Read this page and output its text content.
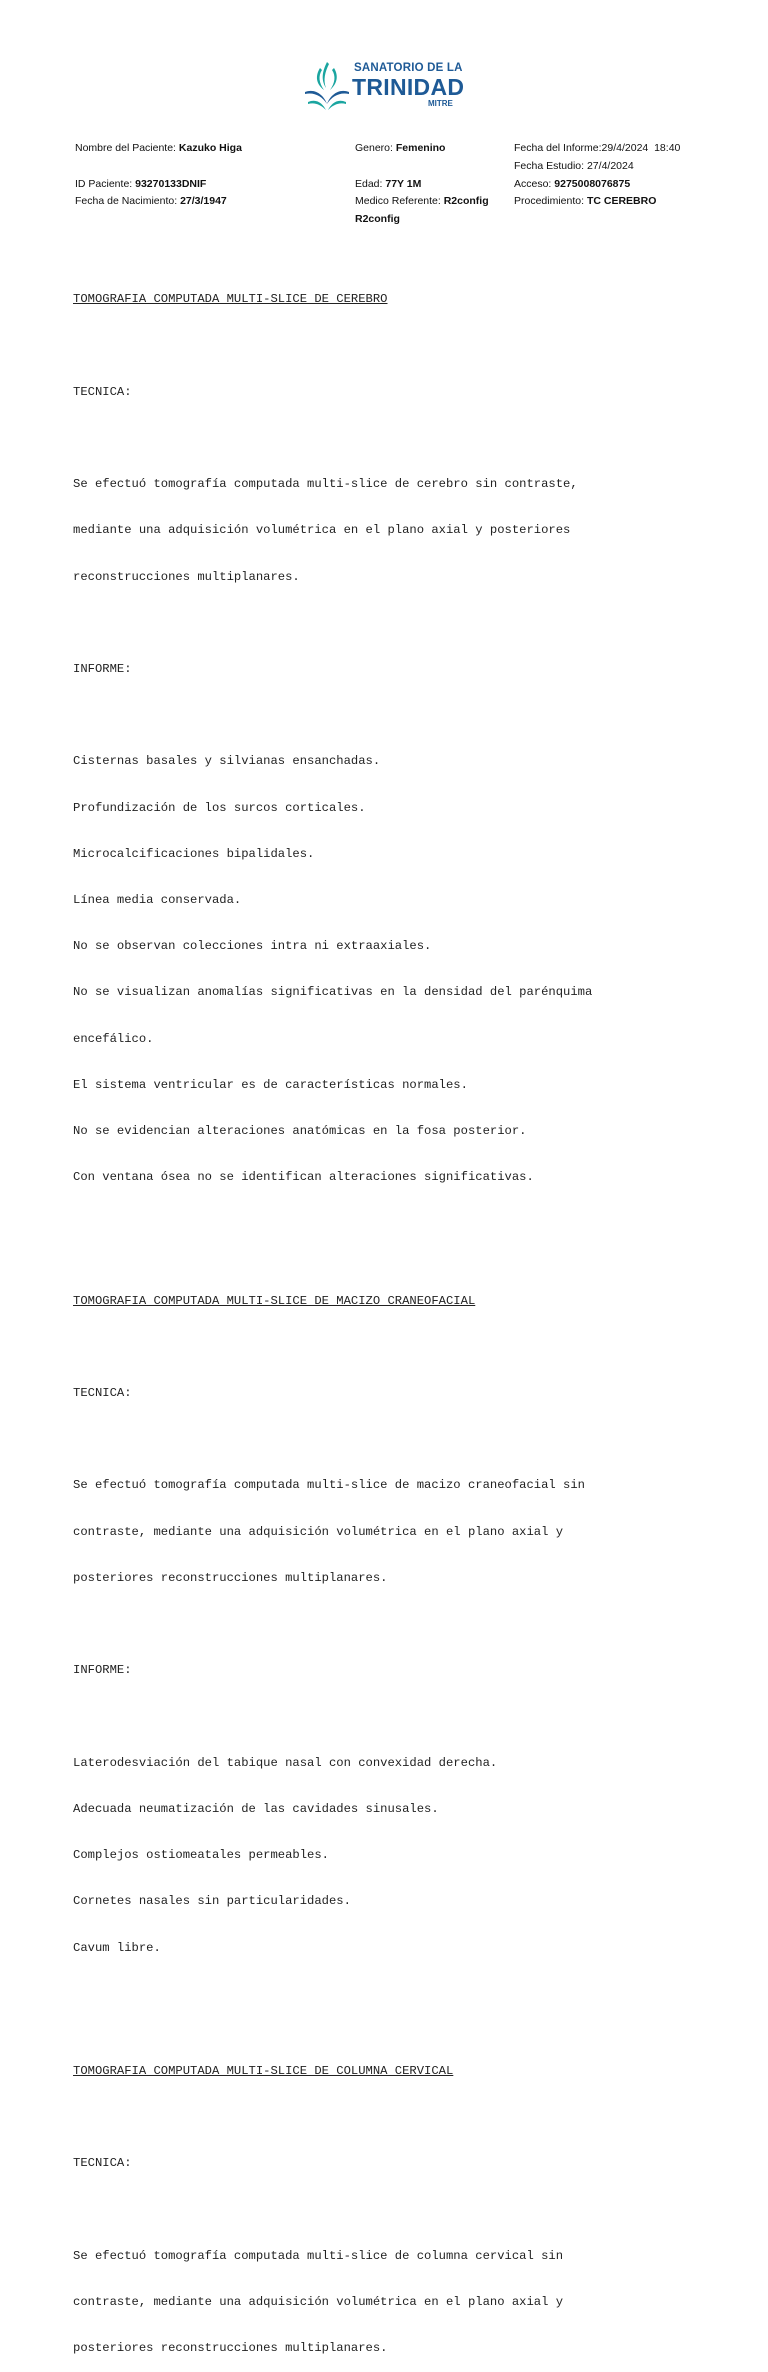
SANATORIO DE LA
TRINIDAD
MITRE
Nombre del Paciente: Kazuko Higa	Genero: Femenino	Fecha del Informe:29/4/2024  18:40
Fecha Estudio: 27/4/2024
ID Paciente: 93270133DNIF	Edad: 77Y 1M	Acceso: 9275008076875
Fecha de Nacimiento: 27/3/1947	Medico Referente: R2config
R2config
Procedimiento: TC CEREBRO

TOMOGRAFIA COMPUTADA MULTI-SLICE DE CEREBRO

TECNICA:

Se efectuó tomografía computada multi-slice de cerebro sin contraste,

mediante una adquisición volumétrica en el plano axial y posteriores

reconstrucciones multiplanares.

INFORME:

Cisternas basales y silvianas ensanchadas.

Profundización de los surcos corticales.

Microcalcificaciones bipalidales.

Línea media conservada.

No se observan colecciones intra ni extraaxiales.

No se visualizan anomalías significativas en la densidad del parénquima

encefálico.

El sistema ventricular es de características normales.

No se evidencian alteraciones anatómicas en la fosa posterior.

Con ventana ósea no se identifican alteraciones significativas.

TOMOGRAFIA COMPUTADA MULTI-SLICE DE MACIZO CRANEOFACIAL

TECNICA:

Se efectuó tomografía computada multi-slice de macizo craneofacial sin

contraste, mediante una adquisición volumétrica en el plano axial y

posteriores reconstrucciones multiplanares.

INFORME:

Laterodesviación del tabique nasal con convexidad derecha.

Adecuada neumatización de las cavidades sinusales.

Complejos ostiomeatales permeables.

Cornetes nasales sin particularidades.

Cavum libre.

TOMOGRAFIA COMPUTADA MULTI-SLICE DE COLUMNA CERVICAL

TECNICA:

Se efectuó tomografía computada multi-slice de columna cervical sin

contraste, mediante una adquisición volumétrica en el plano axial y

posteriores reconstrucciones multiplanares.
